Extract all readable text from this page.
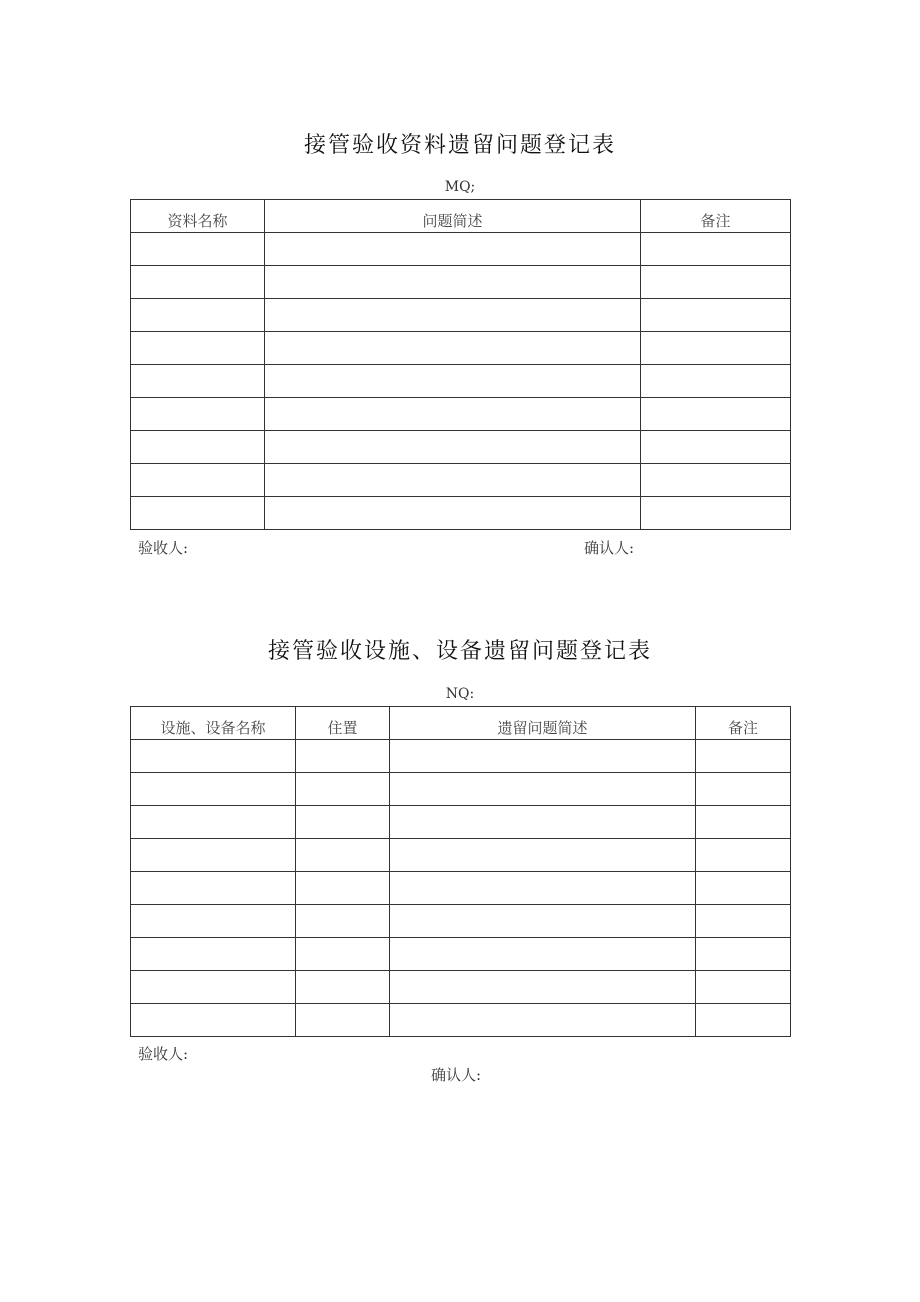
接管验收资料遗留问题登记表
MQ;
资料名称	问题简述	备注

验收人:	确认人:
接管验收设施、设备遗留问题登记表
NQ:
设施、设备名称	住置	遗留问题简述	备注

验收人:
确认人:
